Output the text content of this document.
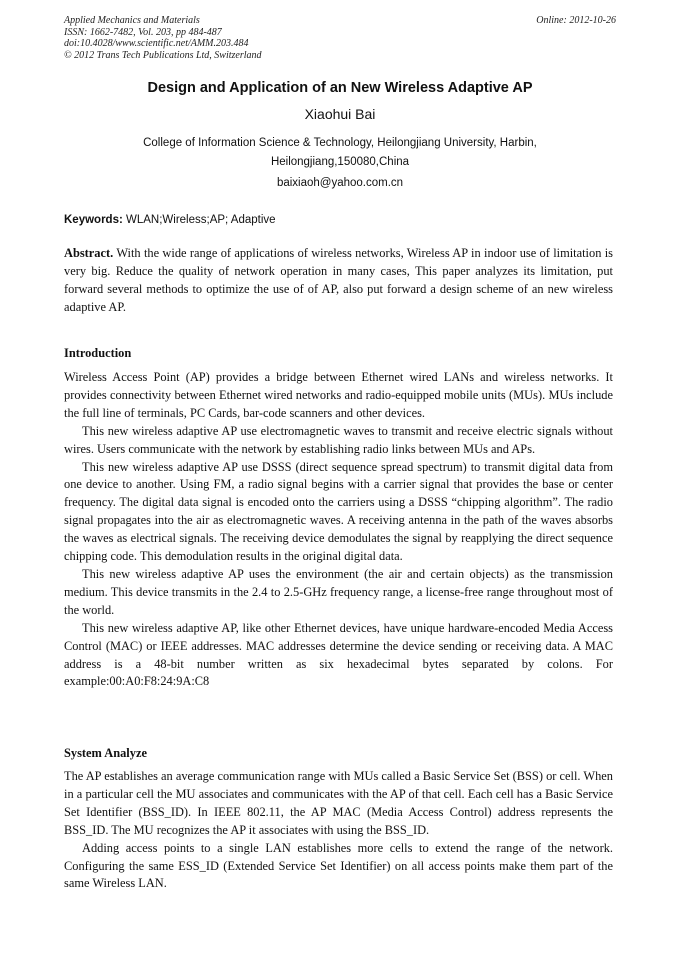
Applied Mechanics and Materials	Online: 2012-10-26
ISSN: 1662-7482, Vol. 203, pp 484-487
doi:10.4028/www.scientific.net/AMM.203.484
© 2012 Trans Tech Publications Ltd, Switzerland
Design and Application of an New Wireless Adaptive AP
Xiaohui Bai
College of Information Science & Technology, Heilongjiang University, Harbin, Heilongjiang,150080,China
baixiaoh@yahoo.com.cn
Keywords: WLAN;Wireless;AP; Adaptive

Abstract. With the wide range of applications of wireless networks, Wireless AP in indoor use of limitation is very big. Reduce the quality of network operation in many cases, This paper analyzes its limitation, put forward several methods to optimize the use of of AP, also put forward a design scheme of an new wireless adaptive AP.

Introduction

Wireless Access Point (AP) provides a bridge between Ethernet wired LANs and wireless networks. It provides connectivity between Ethernet wired networks and radio-equipped mobile units (MUs). MUs include the full line of terminals, PC Cards, bar-code scanners and other devices.

This new wireless adaptive AP use electromagnetic waves to transmit and receive electric signals without wires. Users communicate with the network by establishing radio links between MUs and APs.

This new wireless adaptive AP use DSSS (direct sequence spread spectrum) to transmit digital data from one device to another. Using FM, a radio signal begins with a carrier signal that provides the base or center frequency. The digital data signal is encoded onto the carriers using a DSSS “chipping algorithm”. The radio signal propagates into the air as electromagnetic waves. A receiving antenna in the path of the waves absorbs the waves as electrical signals. The receiving device demodulates the signal by reapplying the direct sequence chipping code. This demodulation results in the original digital data.

This new wireless adaptive AP uses the environment (the air and certain objects) as the transmission medium. This device transmits in the 2.4 to 2.5-GHz frequency range, a license-free range throughout most of the world.

This new wireless adaptive AP, like other Ethernet devices, have unique hardware-encoded Media Access Control (MAC) or IEEE addresses. MAC addresses determine the device sending or receiving data. A MAC address is a 48-bit number written as six hexadecimal bytes separated by colons. For example:00:A0:F8:24:9A:C8

System Analyze

The AP establishes an average communication range with MUs called a Basic Service Set (BSS) or cell. When in a particular cell the MU associates and communicates with the AP of that cell. Each cell has a Basic Service Set Identifier (BSS_ID). In IEEE 802.11, the AP MAC (Media Access Control) address represents the BSS_ID. The MU recognizes the AP it associates with using the BSS_ID.

Adding access points to a single LAN establishes more cells to extend the range of the network. Configuring the same ESS_ID (Extended Service Set Identifier) on all access points make them part of the same Wireless LAN.
